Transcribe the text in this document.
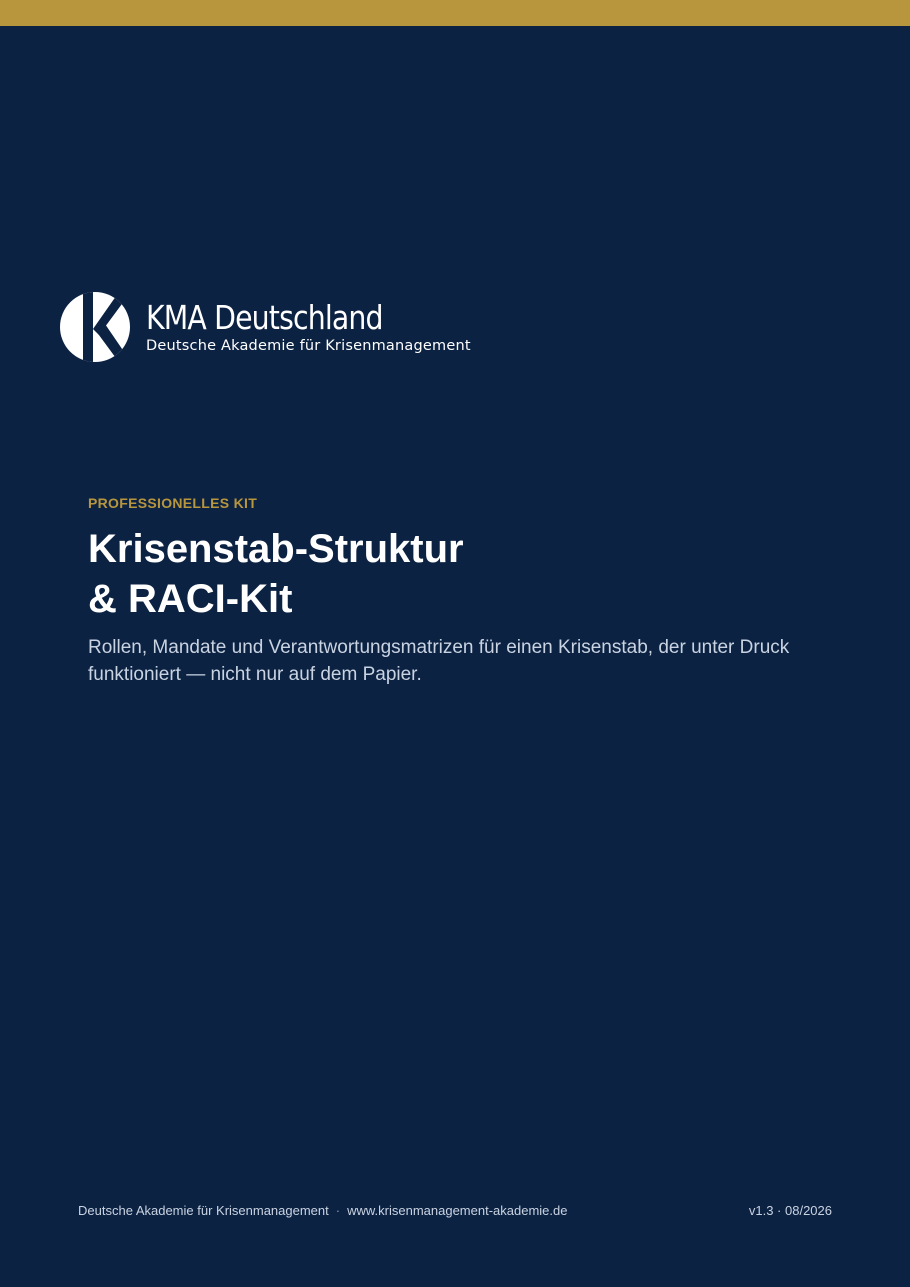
KMA Deutschland
Deutsche Akademie für Krisenmanagement
PROFESSIONELLES KIT
Krisenstab-Struktur
& RACI-Kit

Rollen, Mandate und Verantwortungsmatrizen für einen Krisenstab, der unter Druck funktioniert — nicht nur auf dem Papier.

Deutsche Akademie für Krisenmanagement · www.krisenmanagement-akademie.de	v1.3 · 08/2026
